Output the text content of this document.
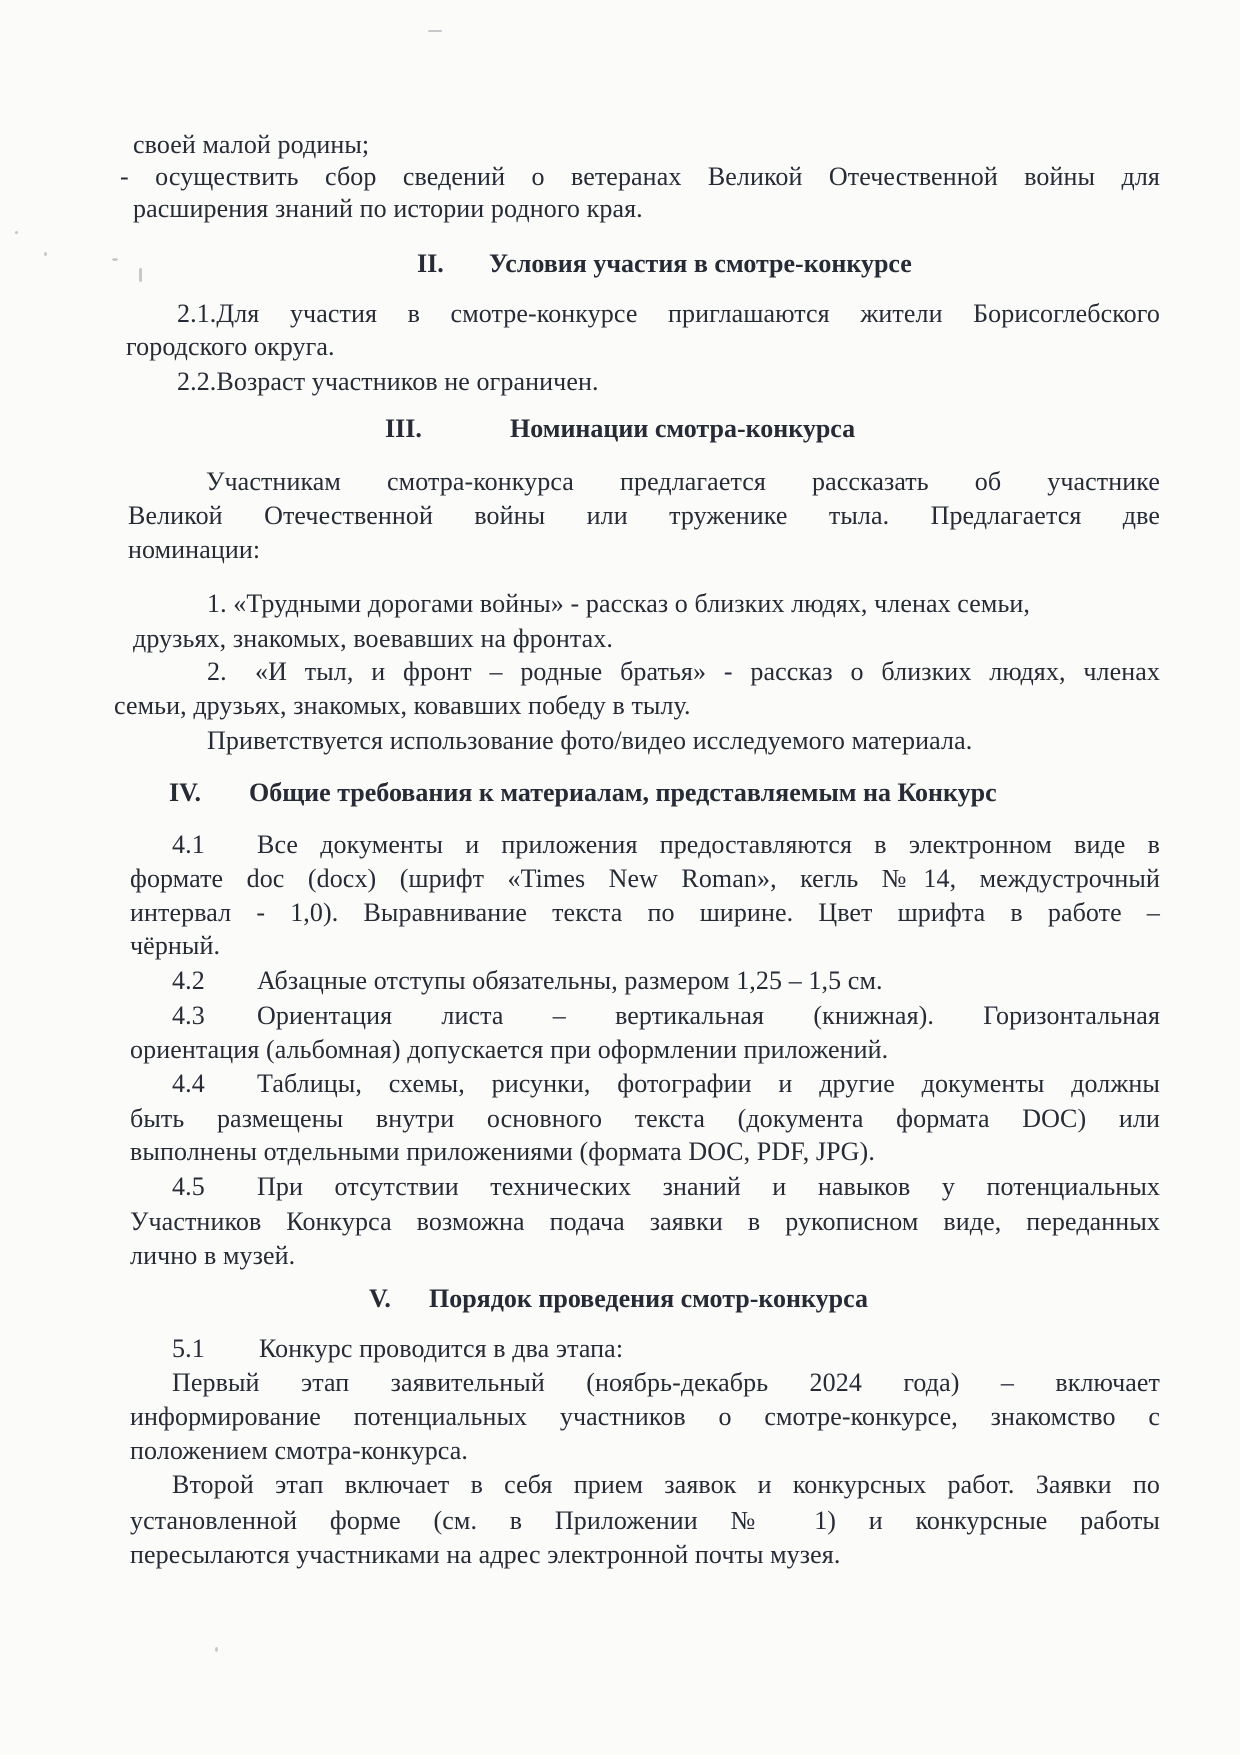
своей малой родины;
- осуществить сбор сведений о ветеранах Великой Отечественной войны для
расширения знаний по истории родного края.
II. Условия участия в смотре-конкурсе
2.1.Для участия в смотре-конкурсе приглашаются жители Борисоглебского
городского округа.
2.2.Возраст участников не ограничен.
III.	Номинации смотра-конкурса
Участникам смотра-конкурса предлагается рассказать об участнике
Великой Отечественной войны или труженике тыла. Предлагается две
номинации:
1. «Трудными дорогами войны» - рассказ о близких людях, членах семьи,
друзьях, знакомых, воевавших на фронтах.
2. «И тыл, и фронт – родные братья» - рассказ о близких людях, членах
семьи, друзьях, знакомых, ковавших победу в тылу.
Приветствуется использование фото/видео исследуемого материала.
IV. Общие требования к материалам, представляемым на Конкурс
4.1 Все документы и приложения предоставляются в электронном виде в
формате doc (docx) (шрифт «Times New Roman», кегль №14, междустрочный
интервал - 1,0). Выравнивание текста по ширине. Цвет шрифта в работе –
чёрный.
4.2 Абзацные отступы обязательны, размером 1,25 – 1,5 см.
4.3 Ориентация листа – вертикальная (книжная). Горизонтальная
ориентация (альбомная) допускается при оформлении приложений.
4.4 Таблицы, схемы, рисунки, фотографии и другие документы должны
быть размещены внутри основного текста (документа формата DOC) или
выполнены отдельными приложениями (формата DOC, PDF, JPG).
4.5 При отсутствии технических знаний и навыков у потенциальных
Участников Конкурса возможна подача заявки в рукописном виде, переданных
лично в музей.
V. Порядок проведения смотр-конкурса
5.1 Конкурс проводится в два этапа:
Первый этап заявительный (ноябрь-декабрь 2024 года) – включает
информирование потенциальных участников о смотре-конкурсе, знакомство с
положением смотра-конкурса.
Второй этап включает в себя прием заявок и конкурсных работ. Заявки по
установленной форме (см. в Приложении № 1) и конкурсные работы
пересылаются участниками на адрес электронной почты музея.
